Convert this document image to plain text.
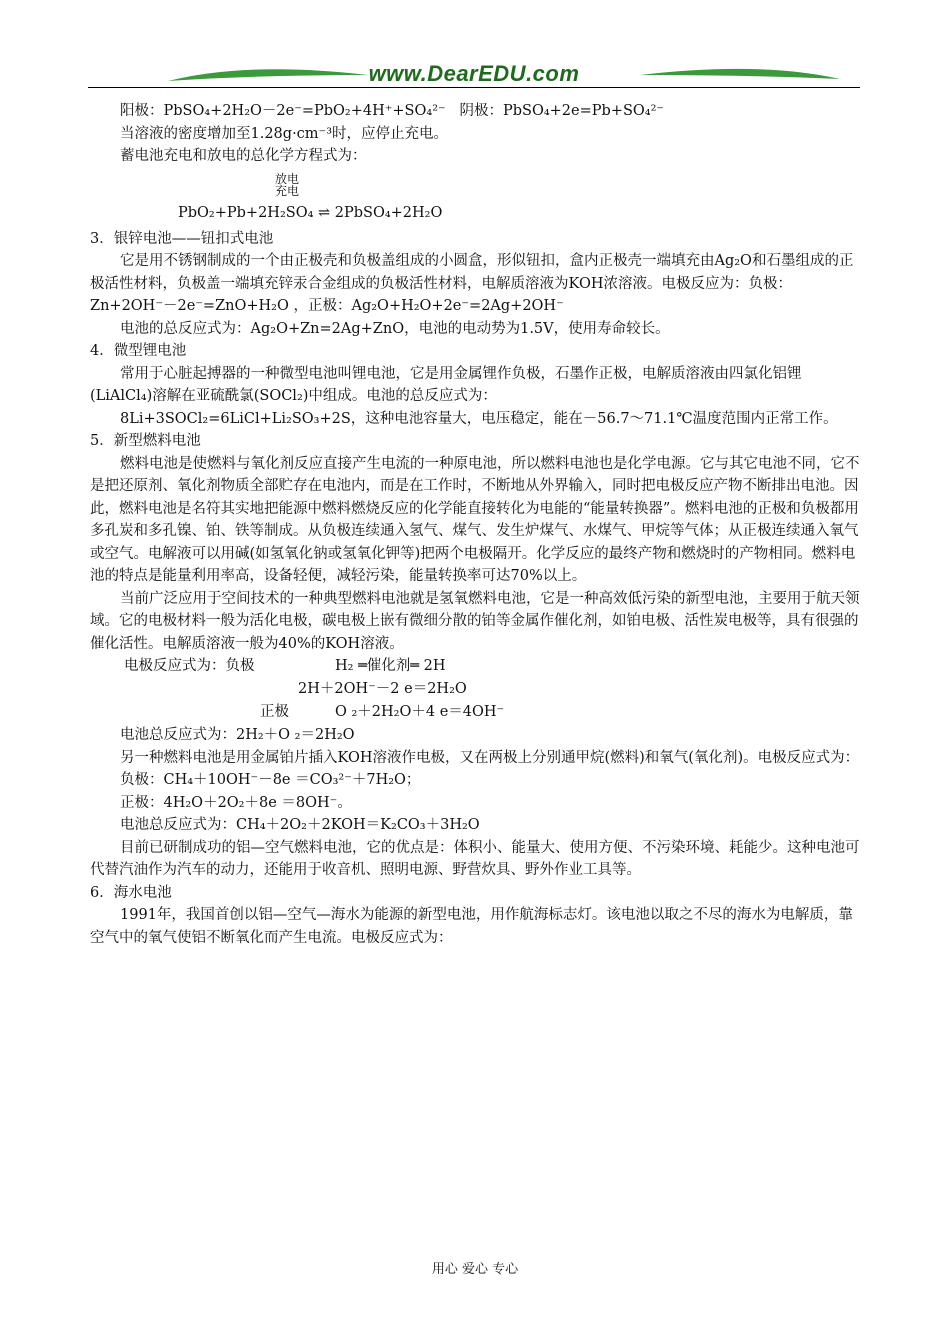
www.DearEDU.com

阳极：PbSO₄+2H₂O－2e⁻=PbO₂+4H⁺+SO₄²⁻   阴极：PbSO₄+2e=Pb+SO₄²⁻

当溶液的密度增加至1.28g·cm⁻³时，应停止充电。

蓄电池充电和放电的总化学方程式为：

放电
充电
PbO₂+Pb+2H₂SO₄ ⇌ 2PbSO₄+2H₂O

3．银锌电池——钮扣式电池

它是用不锈钢制成的一个由正极壳和负极盖组成的小圆盒，形似钮扣，盒内正极壳一端填充由Ag₂O和石墨组成的正极活性材料，负极盖一端填充锌汞合金组成的负极活性材料，电解质溶液为KOH浓溶液。电极反应为：负极：Zn+2OH⁻－2e⁻=ZnO+H₂O ，正极：Ag₂O+H₂O+2e⁻=2Ag+2OH⁻

电池的总反应式为：Ag₂O+Zn=2Ag+ZnO，电池的电动势为1.5V，使用寿命较长。

4．微型锂电池

常用于心脏起搏器的一种微型电池叫锂电池，它是用金属锂作负极，石墨作正极，电解质溶液由四氯化铝锂(LiAlCl₄)溶解在亚硫酰氯(SOCl₂)中组成。电池的总反应式为：

8Li+3SOCl₂=6LiCl+Li₂SO₃+2S，这种电池容量大，电压稳定，能在－56.7～71.1℃温度范围内正常工作。

5．新型燃料电池

燃料电池是使燃料与氧化剂反应直接产生电流的一种原电池，所以燃料电池也是化学电源。它与其它电池不同，它不是把还原剂、氧化剂物质全部贮存在电池内，而是在工作时，不断地从外界输入，同时把电极反应产物不断排出电池。因此，燃料电池是名符其实地把能源中燃料燃烧反应的化学能直接转化为电能的“能量转换器”。燃料电池的正极和负极都用多孔炭和多孔镍、铂、铁等制成。从负极连续通入氢气、煤气、发生炉煤气、水煤气、甲烷等气体；从正极连续通入氧气或空气。电解液可以用碱(如氢氧化钠或氢氧化钾等)把两个电极隔开。化学反应的最终产物和燃烧时的产物相同。燃料电池的特点是能量利用率高，设备轻便，减轻污染，能量转换率可达70%以上。

当前广泛应用于空间技术的一种典型燃料电池就是氢氧燃料电池，它是一种高效低污染的新型电池，主要用于航天领域。它的电极材料一般为活化电极，碳电极上嵌有微细分散的铂等金属作催化剂，如铂电极、活性炭电极等，具有很强的催化活性。电解质溶液一般为40%的KOH溶液。

电极反应式为：负极	H₂ ═催化剂═ 2H
2H＋2OH⁻－2 e＝2H₂O
正极	O ₂＋2H₂O＋4 e＝4OH⁻

电池总反应式为：2H₂＋O ₂＝2H₂O

另一种燃料电池是用金属铂片插入KOH溶液作电极，又在两极上分别通甲烷(燃料)和氧气(氧化剂)。电极反应式为：

负极：CH₄＋10OH⁻－8e ＝CO₃²⁻＋7H₂O；

正极：4H₂O＋2O₂＋8e ＝8OH⁻。

电池总反应式为：CH₄＋2O₂＋2KOH＝K₂CO₃＋3H₂O

目前已研制成功的铝—空气燃料电池，它的优点是：体积小、能量大、使用方便、不污染环境、耗能少。这种电池可代替汽油作为汽车的动力，还能用于收音机、照明电源、野营炊具、野外作业工具等。

6．海水电池

1991年，我国首创以铝—空气—海水为能源的新型电池，用作航海标志灯。该电池以取之不尽的海水为电解质，靠空气中的氧气使铝不断氧化而产生电流。电极反应式为：

用心 爱心 专心
